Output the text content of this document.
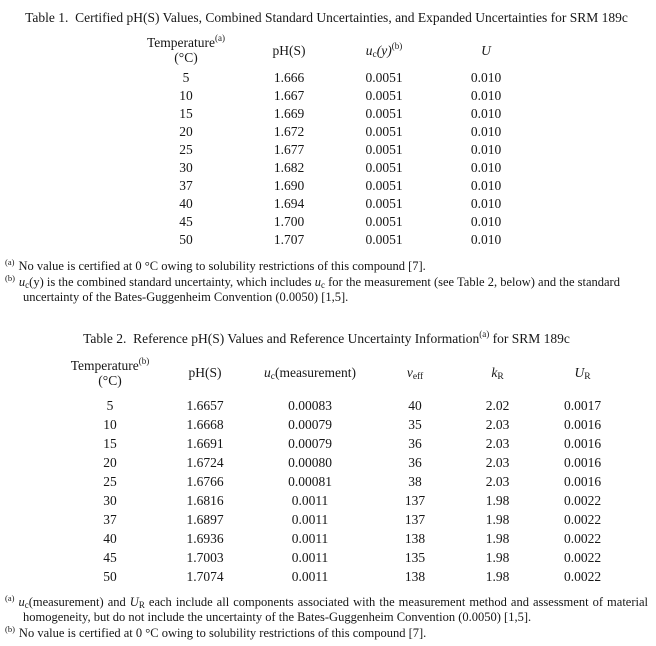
Table 1.  Certified pH(S) Values, Combined Standard Uncertainties, and Expanded Uncertainties for SRM 189c
Temperature$^{(a)}$
(°C)	pH(S)	$u_c(y)^{(b)}$	U
5	1.666	0.0051	0.010
10	1.667	0.0051	0.010
15	1.669	0.0051	0.010
20	1.672	0.0051	0.010
25	1.677	0.0051	0.010
30	1.682	0.0051	0.010
37	1.690	0.0051	0.010
40	1.694	0.0051	0.010
45	1.700	0.0051	0.010
50	1.707	0.0051	0.010
$^{(a)}$ No value is certified at 0 °C owing to solubility restrictions of this compound [7].
$^{(b)}$ $u_c(y)$ is the combined standard uncertainty, which includes $u_c$ for the measurement (see Table 2, below) and the standard uncertainty of the Bates-Guggenheim Convention (0.0050) [1,5].
Table 2.  Reference pH(S) Values and Reference Uncertainty Information$^{(a)}$ for SRM 189c
Temperature$^{(b)}$
(°C)	pH(S)	$u_c(measurement)$	$\nu_{eff}$	$k_R$	$U_R$
5	1.6657	0.00083	40	2.02	0.0017
10	1.6668	0.00079	35	2.03	0.0016
15	1.6691	0.00079	36	2.03	0.0016
20	1.6724	0.00080	36	2.03	0.0016
25	1.6766	0.00081	38	2.03	0.0016
30	1.6816	0.0011	137	1.98	0.0022
37	1.6897	0.0011	137	1.98	0.0022
40	1.6936	0.0011	138	1.98	0.0022
45	1.7003	0.0011	135	1.98	0.0022
50	1.7074	0.0011	138	1.98	0.0022
$^{(a)}$ $u_c(measurement)$ and $U_R$ each include all components associated with the measurement method and assessment of material homogeneity, but do not include the uncertainty of the Bates-Guggenheim Convention (0.0050) [1,5].
$^{(b)}$ No value is certified at 0 °C owing to solubility restrictions of this compound [7].
